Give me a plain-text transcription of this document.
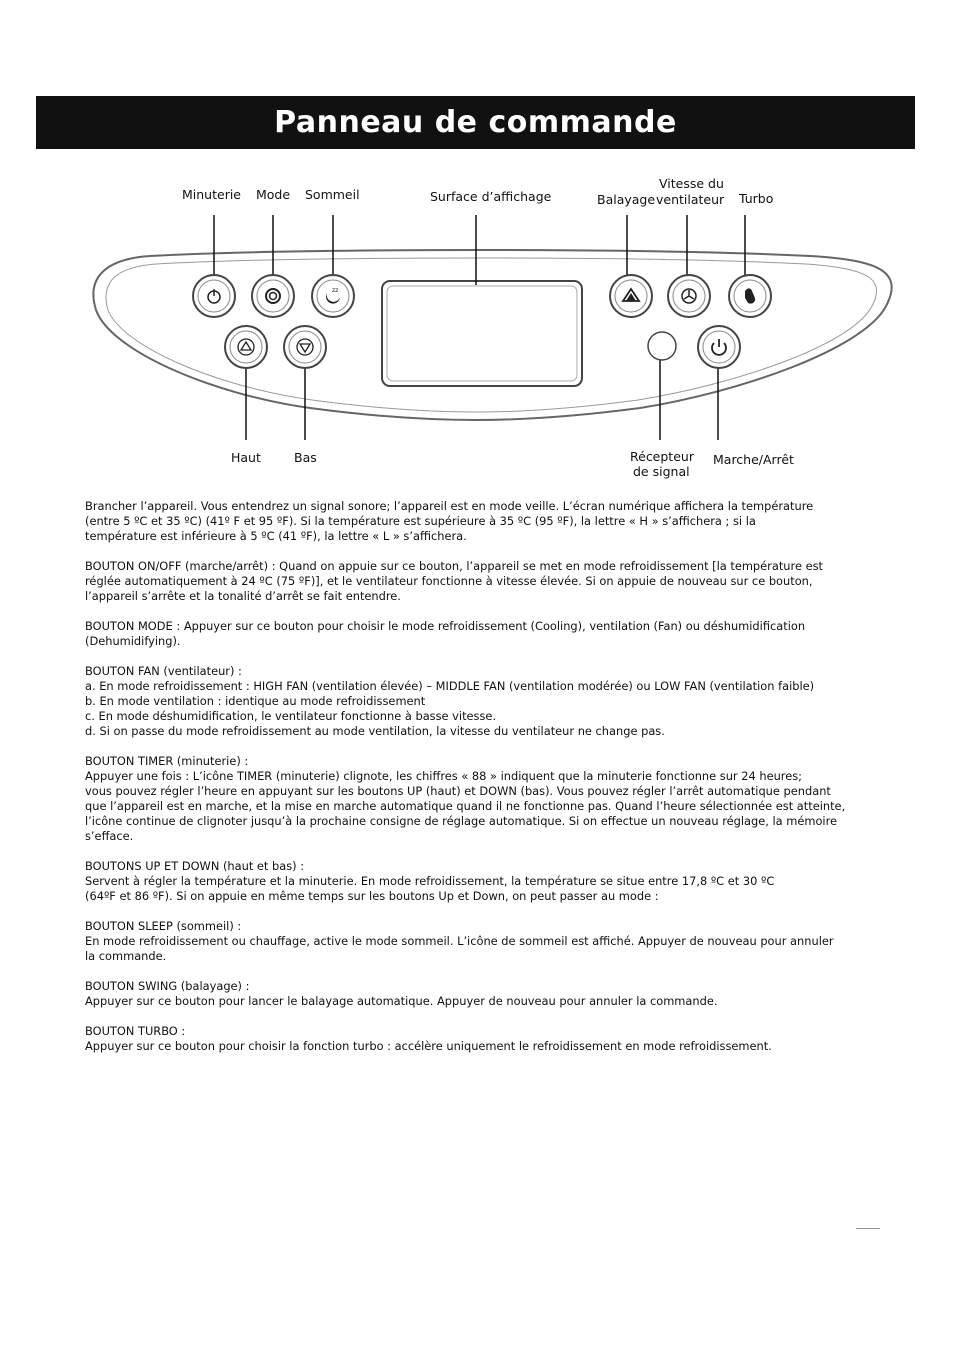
Panneau de commande
Minuterie Mode Sommeil	Surface d’affichage
Vitesse du
Balayage ventilateur Turbo
Haut	Bas	Récepteur
de signal
Marche/Arrêt
zz

Brancher l’appareil. Vous entendrez un signal sonore; l’appareil est en mode veille. L’écran numérique affichera la température
(entre 5 ºC et 35 ºC) (41º F et 95 ºF). Si la température est supérieure à 35 ºC (95 ºF), la lettre « H » s’affichera ; si la
température est inférieure à 5 ºC (41 ºF), la lettre « L » s’affichera.

BOUTON ON/OFF (marche/arrêt) : Quand on appuie sur ce bouton, l’appareil se met en mode refroidissement [la température est
réglée automatiquement à 24 ºC (75 ºF)], et le ventilateur fonctionne à vitesse élevée. Si on appuie de nouveau sur ce bouton,
l’appareil s’arrête et la tonalité d’arrêt se fait entendre.

BOUTON MODE : Appuyer sur ce bouton pour choisir le mode refroidissement (Cooling), ventilation (Fan) ou déshumidification
(Dehumidifying).

BOUTON FAN (ventilateur) :
a. En mode refroidissement : HIGH FAN (ventilation élevée) – MIDDLE FAN (ventilation modérée) ou LOW FAN (ventilation faible)
b. En mode ventilation : identique au mode refroidissement
c. En mode déshumidification, le ventilateur fonctionne à basse vitesse.
d. Si on passe du mode refroidissement au mode ventilation, la vitesse du ventilateur ne change pas.

BOUTON TIMER (minuterie) :
Appuyer une fois : L’icône TIMER (minuterie) clignote, les chiffres « 88 » indiquent que la minuterie fonctionne sur 24 heures;
vous pouvez régler l’heure en appuyant sur les boutons UP (haut) et DOWN (bas). Vous pouvez régler l’arrêt automatique pendant
que l’appareil est en marche, et la mise en marche automatique quand il ne fonctionne pas. Quand l’heure sélectionnée est atteinte,
l’icône continue de clignoter jusqu’à la prochaine consigne de réglage automatique. Si on effectue un nouveau réglage, la mémoire
s’efface.

BOUTONS UP ET DOWN (haut et bas) :
Servent à régler la température et la minuterie. En mode refroidissement, la température se situe entre 17,8 ºC et 30 ºC
(64ºF et 86 ºF). Si on appuie en même temps sur les boutons Up et Down, on peut passer au mode :

BOUTON SLEEP (sommeil) :
En mode refroidissement ou chauffage, active le mode sommeil. L’icône de sommeil est affiché. Appuyer de nouveau pour annuler
la commande.

BOUTON SWING (balayage) :
Appuyer sur ce bouton pour lancer le balayage automatique. Appuyer de nouveau pour annuler la commande.

BOUTON TURBO :
Appuyer sur ce bouton pour choisir la fonction turbo : accélère uniquement le refroidissement en mode refroidissement.
